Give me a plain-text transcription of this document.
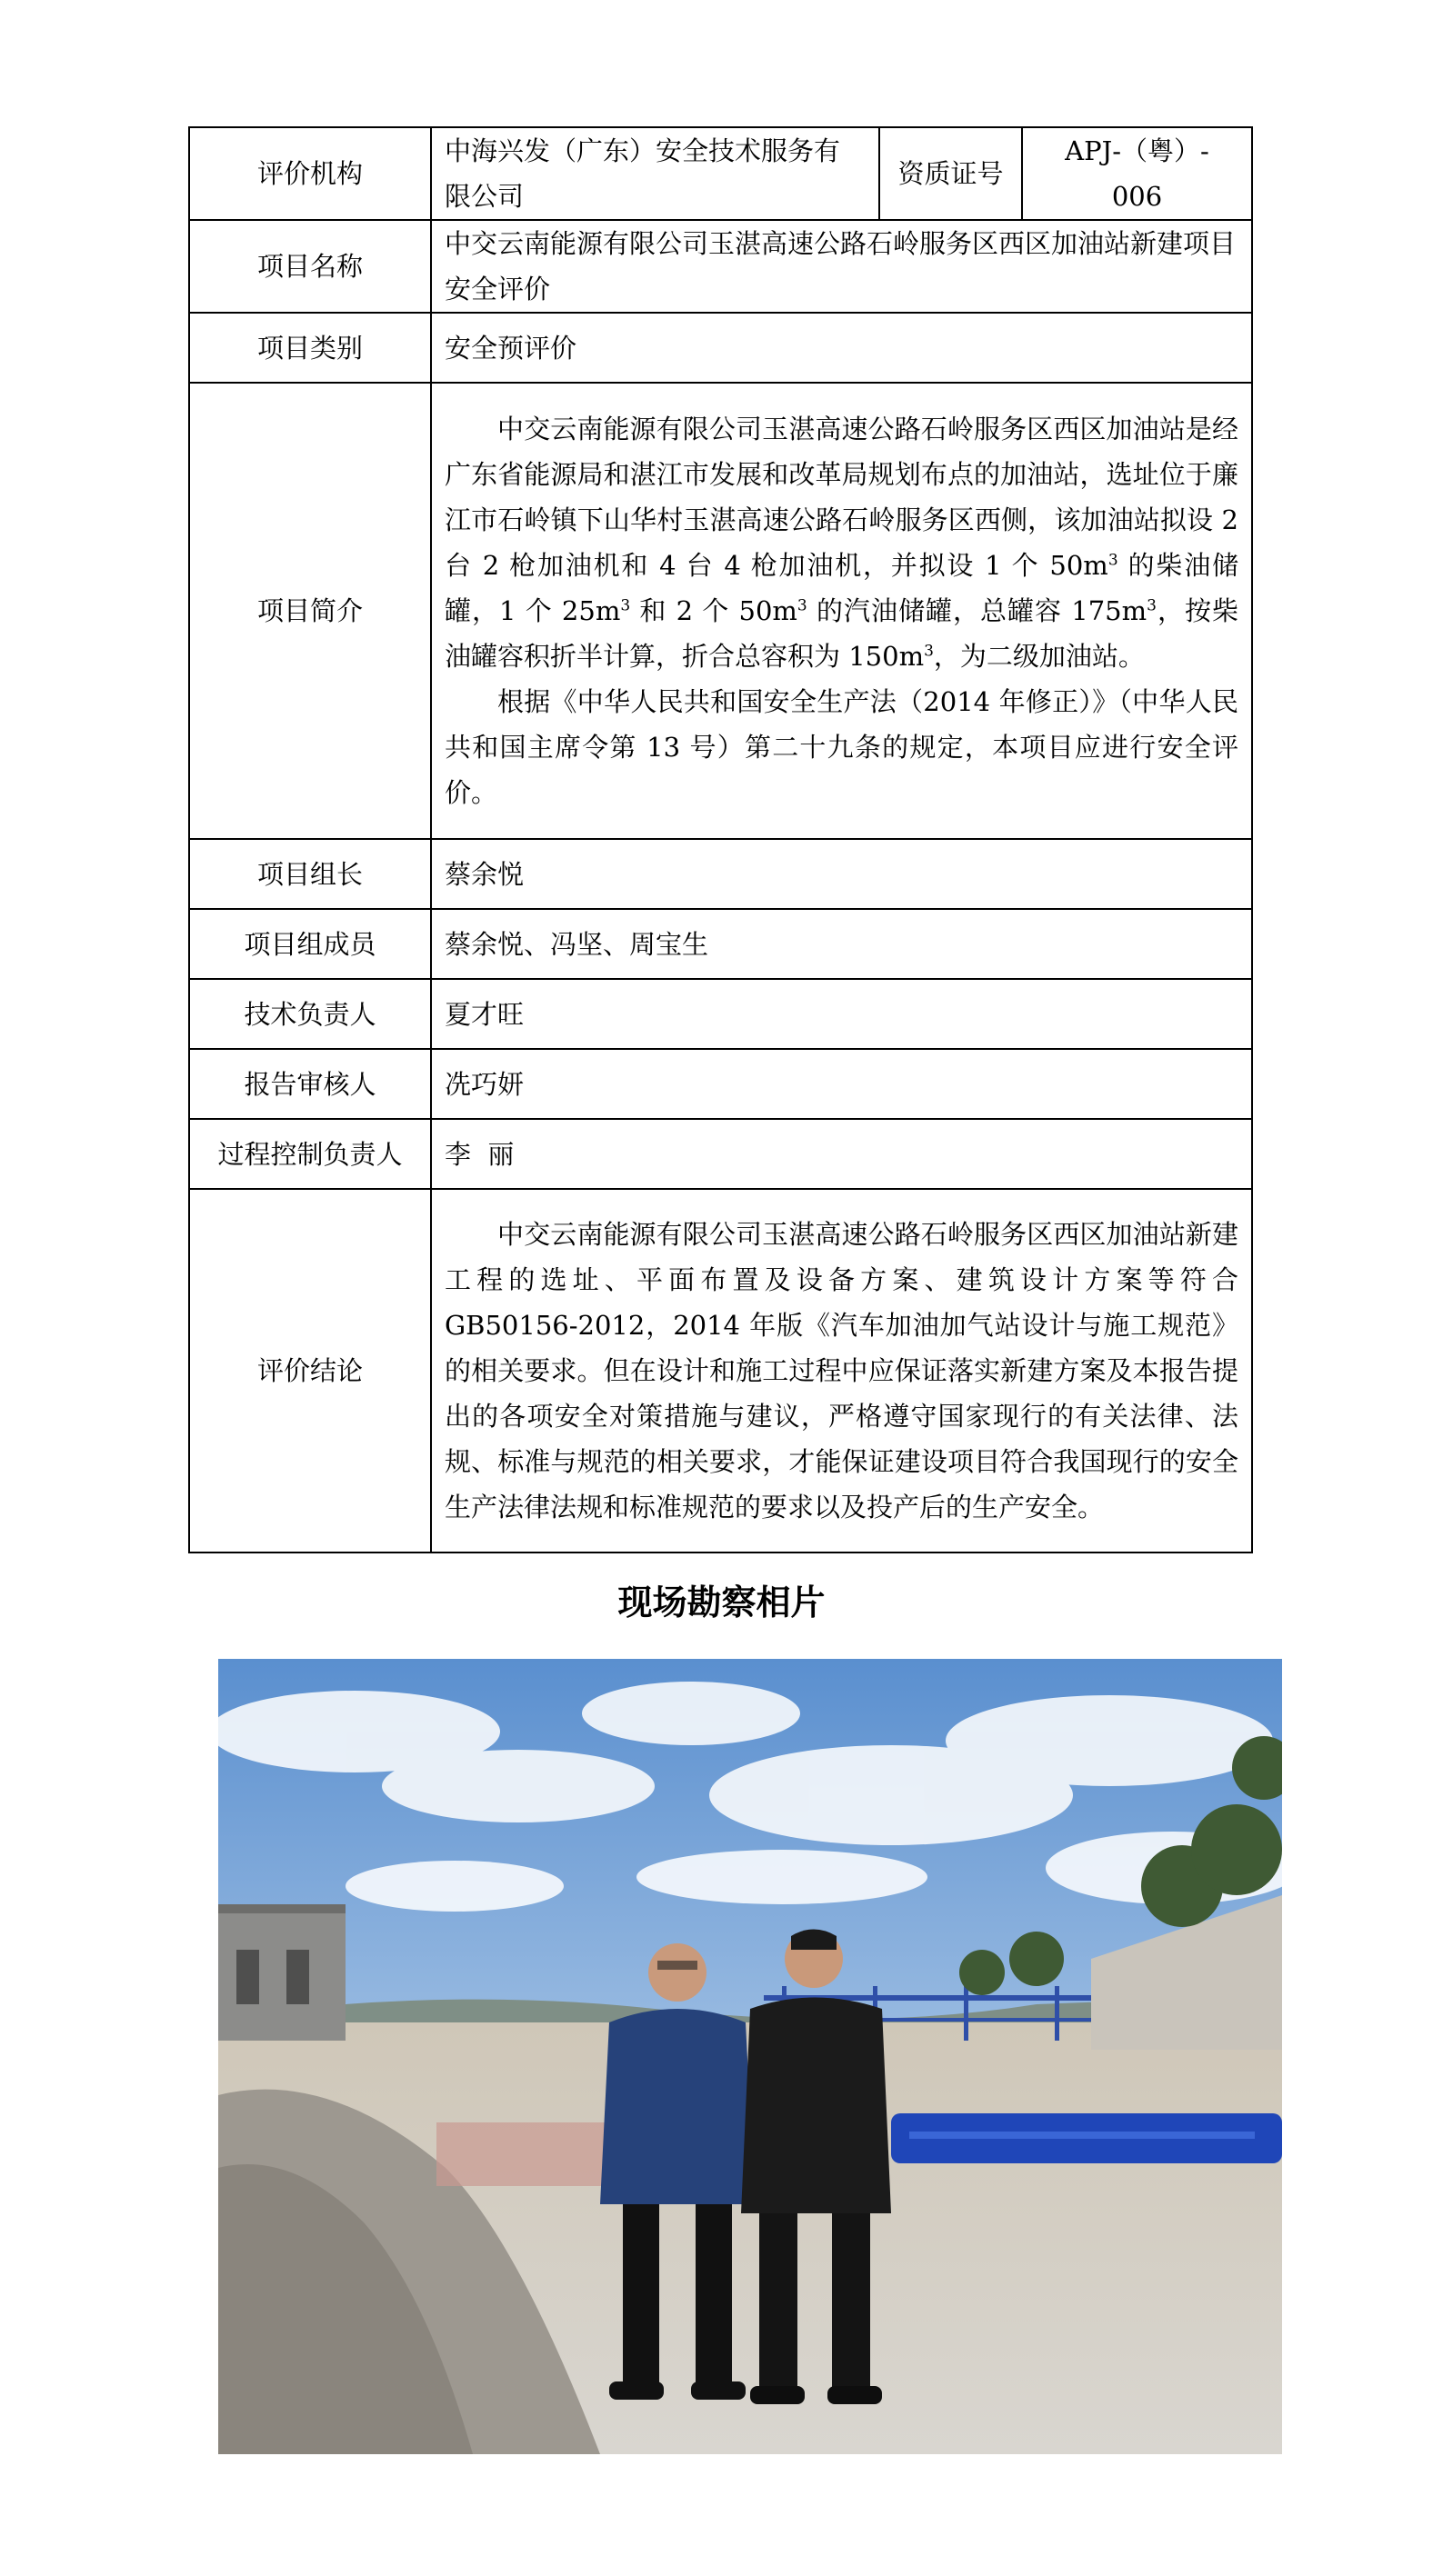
评价机构	中海兴发（广东）安全技术服务有限公司	资质证号	APJ-（粤）- 006
项目名称	中交云南能源有限公司玉湛高速公路石岭服务区西区加油站新建项目安全评价		
项目类别	安全预评价		
项目简介	中交云南能源有限公司玉湛高速公路石岭服务区西区加油站是经广东省能源局和湛江市发展和改革局规划布点的加油站，选址位于廉江市石岭镇下山华村玉湛高速公路石岭服务区西侧，该加油站拟设 2 台 2 枪加油机和 4 台 4 枪加油机，并拟设 1 个 $50m^3$ 的柴油储罐，1 个 $25m^3$ 和 2 个 $50m^3$ 的汽油储罐，总罐容 $175m^3$，按柴油罐容积折半计算，折合总容积为 $150m^3$，为二级加油站。

根据《中华人民共和国安全生产法（2014 年修正）》（中华人民共和国主席令第 13 号）第二十九条的规定，本项目应进行安全评价。		

项目组长	蔡余悦		
项目组成员	蔡余悦、冯坚、周宝生		
技术负责人	夏才旺		
报告审核人	冼巧妍		
过程控制负责人	李  丽		
评价结论	中交云南能源有限公司玉湛高速公路石岭服务区西区加油站新建工程的选址、平面布置及设备方案、建筑设计方案等符合 GB50156-2012，2014 年版《汽车加油加气站设计与施工规范》的相关要求。但在设计和施工过程中应保证落实新建方案及本报告提出的各项安全对策措施与建议，严格遵守国家现行的有关法律、法规、标准与规范的相关要求，才能保证建设项目符合我国现行的安全生产法律法规和标准规范的要求以及投产后的生产安全。		

现场勘察相片
